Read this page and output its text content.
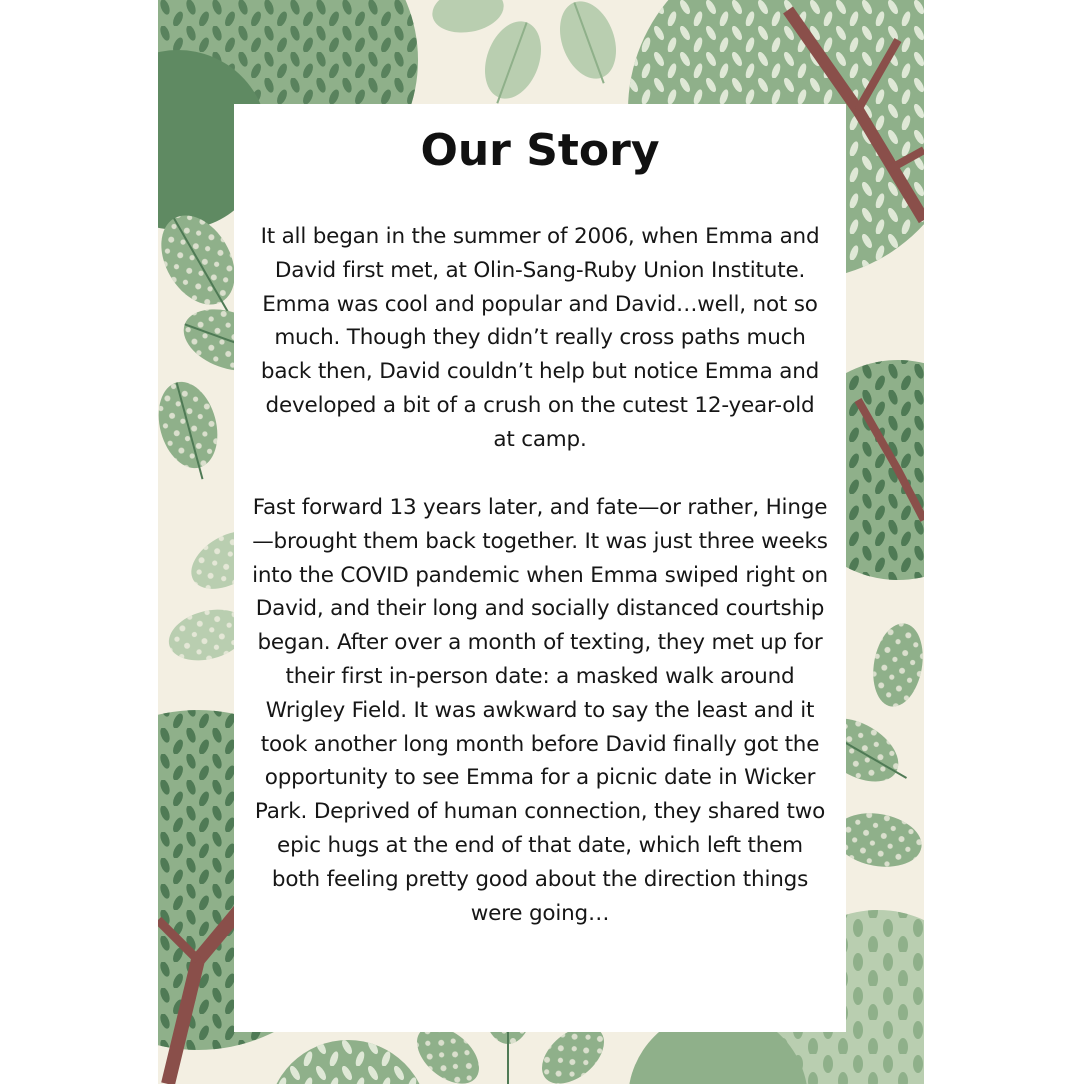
Our Story

It all began in the summer of 2006, when Emma and David first met, at Olin-Sang-Ruby Union Institute. Emma was cool and popular and David…well, not so much. Though they didn’t really cross paths much back then, David couldn’t help but notice Emma and developed a bit of a crush on the cutest 12-year-old at camp.

Fast forward 13 years later, and fate—or rather, Hinge—brought them back together. It was just three weeks into the COVID pandemic when Emma swiped right on David, and their long and socially distanced courtship began. After over a month of texting, they met up for their first in-person date: a masked walk around Wrigley Field. It was awkward to say the least and it took another long month before David finally got the opportunity to see Emma for a picnic date in Wicker Park. Deprived of human connection, they shared two epic hugs at the end of that date, which left them both feeling pretty good about the direction things were going…
